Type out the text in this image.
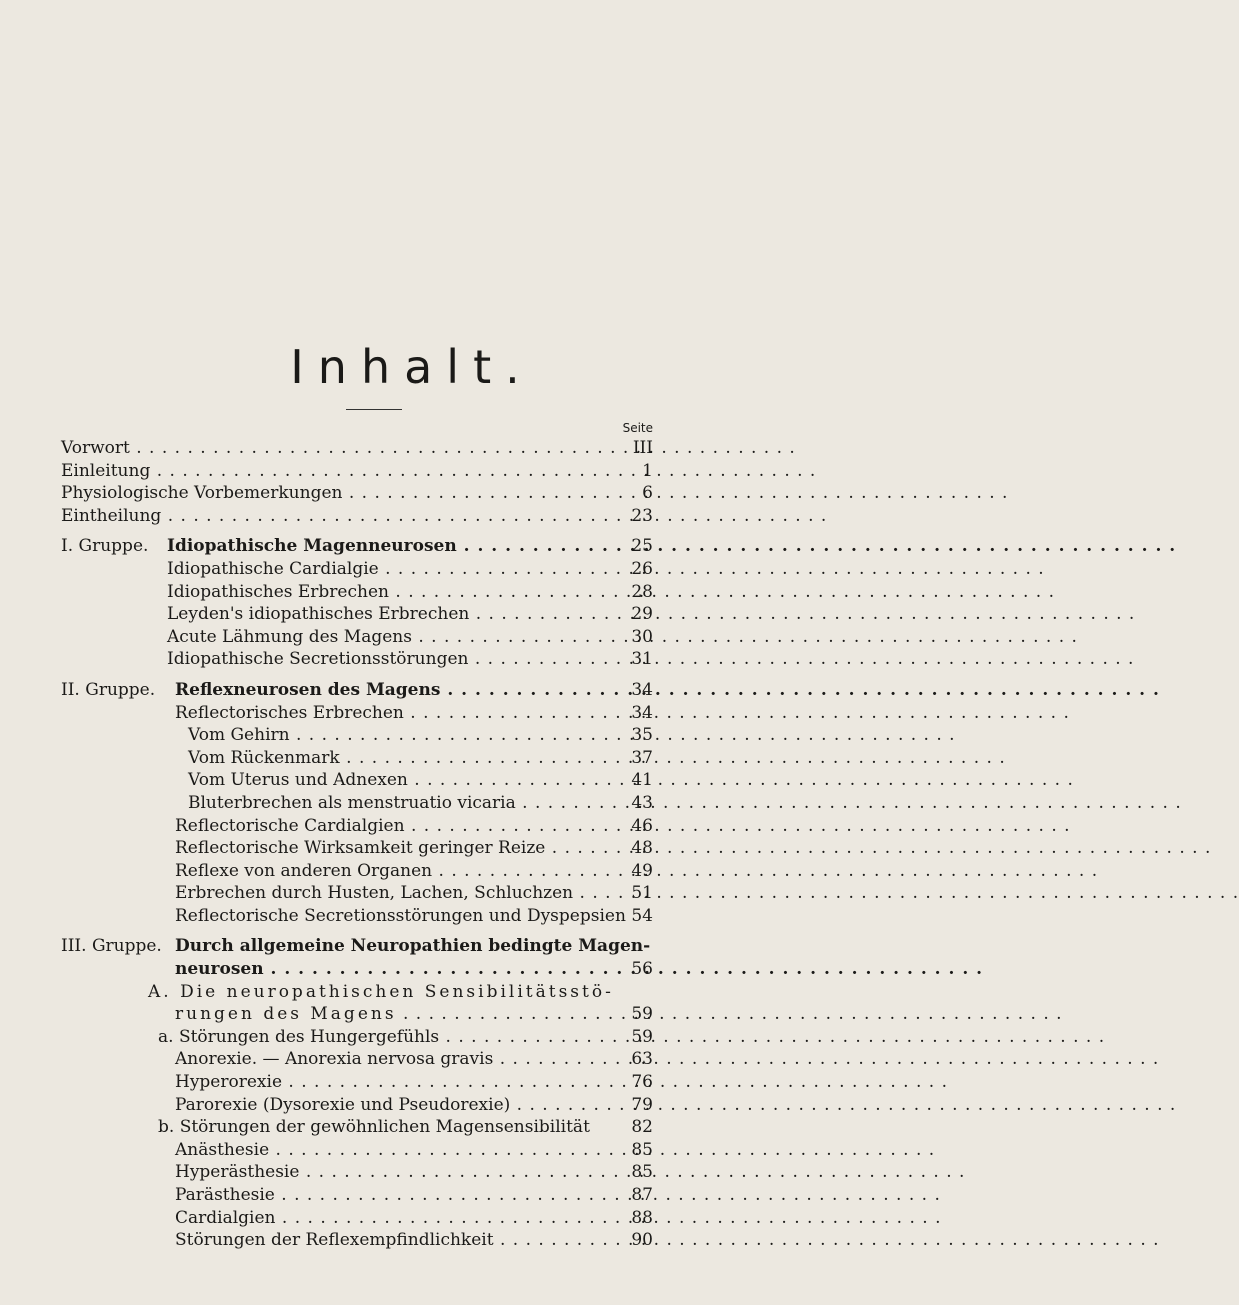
Inhalt.
Seite
Vorwort . . .	III
Einleitung . . .	1
Physiologische Vorbemerkungen . . .	6
Eintheilung . . .	23
I. Gruppe. Idiopathische Magenneurosen . . .	25
Idiopathische Cardialgie . . .	26
Idiopathisches Erbrechen . . .	28
Leyden's idiopathisches Erbrechen . . .	29
Acute Lähmung des Magens . . .	30
Idiopathische Secretionsstörungen . . .	31
II. Gruppe. Reflexneurosen des Magens . . .	34
Reflectorisches Erbrechen . . .	34
Vom Gehirn . . .	35
Vom Rückenmark . . .	37
Vom Uterus und Adnexen . . .	41
Bluterbrechen als menstruatio vicaria . . .	43
Reflectorische Cardialgien . . .	46
Reflectorische Wirksamkeit geringer Reize . . .	48
Reflexe von anderen Organen . . .	49
Erbrechen durch Husten, Lachen, Schluchzen . . .	51
Reflectorische Secretionsstörungen und Dyspepsien 54
III. Gruppe. Durch allgemeine Neuropathien bedingte Magen-
neurosen . . .	56
A. Die neuropathischen Sensibilitätsstö-
rungen des Magens . . .	59
a. Störungen des Hungergefühls . . .	59
Anorexie. — Anorexia nervosa gravis . . .	63
Hyperorexie . . .	76
Parorexie (Dysorexie und Pseudorexie) . . .	79
b. Störungen der gewöhnlichen Magensensibilität	82
Anästhesie . . .	85
Hyperästhesie . . .	85
Parästhesie . . .	87
Cardialgien . . .	88
Störungen der Reflexempfindlichkeit . . .	90
